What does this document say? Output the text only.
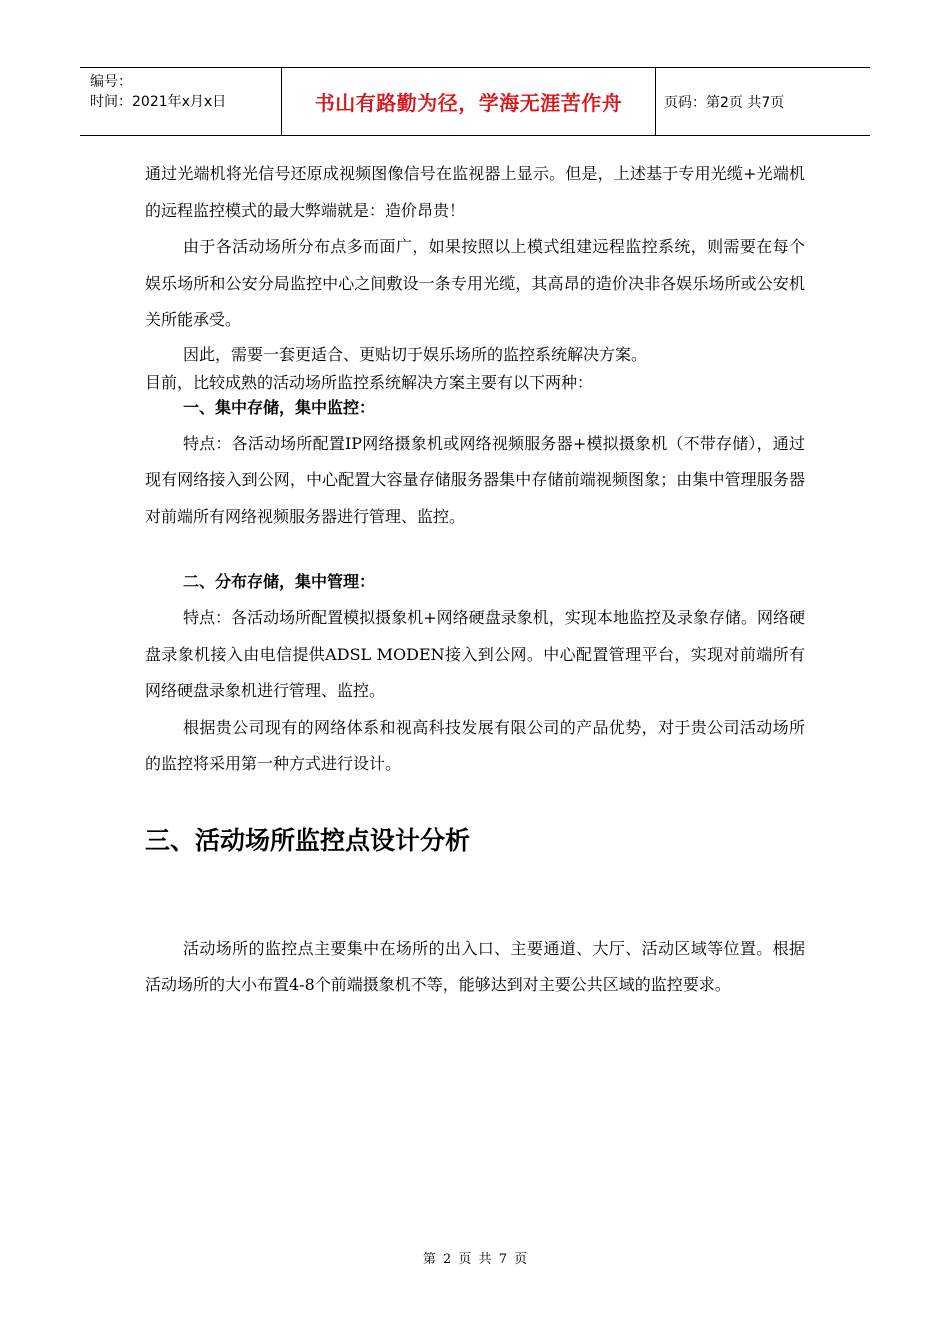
编号：
时间：2021年x月x日	书山有路勤为径，学海无涯苦作舟	页码：第2页 共7页

通过光端机将光信号还原成视频图像信号在监视器上显示。但是，上述基于专用光缆+光端机的远程监控模式的最大弊端就是：造价昂贵！

由于各活动场所分布点多而面广，如果按照以上模式组建远程监控系统，则需要在每个娱乐场所和公安分局监控中心之间敷设一条专用光缆，其高昂的造价决非各娱乐场所或公安机关所能承受。

因此，需要一套更适合、更贴切于娱乐场所的监控系统解决方案。

目前，比较成熟的活动场所监控系统解决方案主要有以下两种：

一、集中存储，集中监控：

特点：各活动场所配置IP网络摄象机或网络视频服务器+模拟摄象机（不带存储），通过现有网络接入到公网，中心配置大容量存储服务器集中存储前端视频图象；由集中管理服务器对前端所有网络视频服务器进行管理、监控。

二、分布存储，集中管理：

特点：各活动场所配置模拟摄象机+网络硬盘录象机，实现本地监控及录象存储。网络硬盘录象机接入由电信提供ADSL MODEN接入到公网。中心配置管理平台，实现对前端所有网络硬盘录象机进行管理、监控。

根据贵公司现有的网络体系和视高科技发展有限公司的产品优势，对于贵公司活动场所的监控将采用第一种方式进行设计。

三、活动场所监控点设计分析

活动场所的监控点主要集中在场所的出入口、主要通道、大厅、活动区域等位置。根据活动场所的大小布置4-8个前端摄象机不等，能够达到对主要公共区域的监控要求。

第 2 页 共 7 页
